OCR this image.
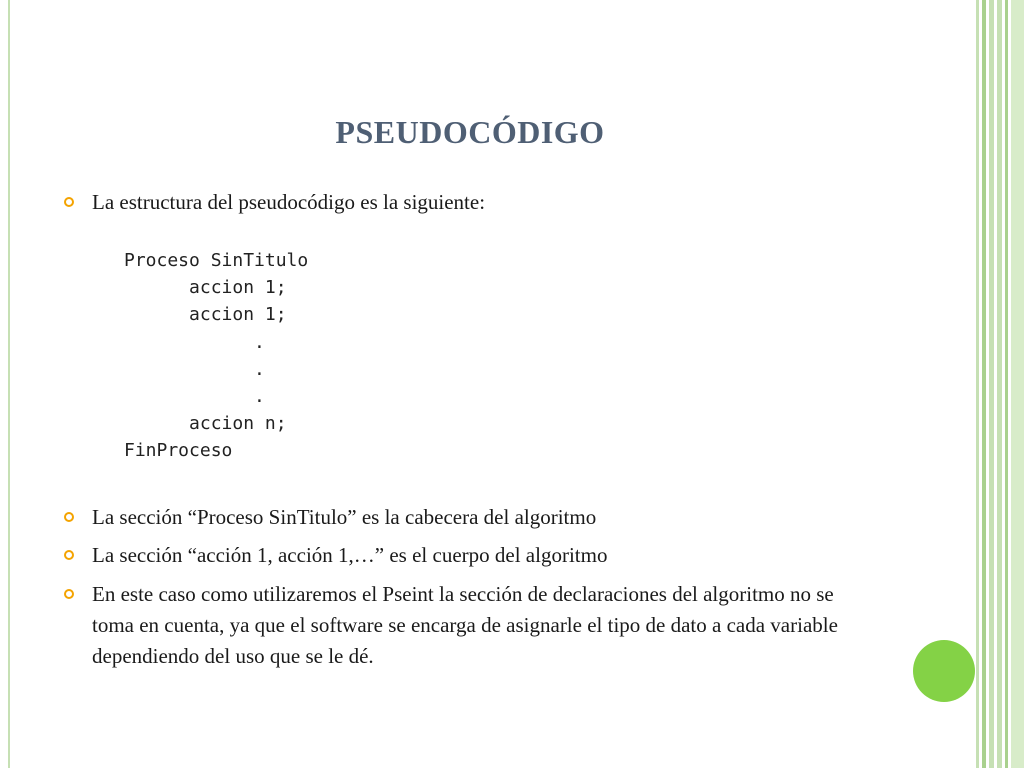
PSEUDOCÓDIGO
La estructura del pseudocódigo es la siguiente:
Proceso SinTitulo
accion 1;
accion 1;
.
.
.
accion n;
FinProceso
La sección “Proceso SinTitulo” es la cabecera del algoritmo
La sección “acción 1, acción 1,…” es el cuerpo del algoritmo
En este caso como utilizaremos el Pseint la sección de declaraciones del algoritmo no se toma en cuenta, ya que el software se encarga de asignarle el tipo de dato a cada variable dependiendo del uso que se le dé.
